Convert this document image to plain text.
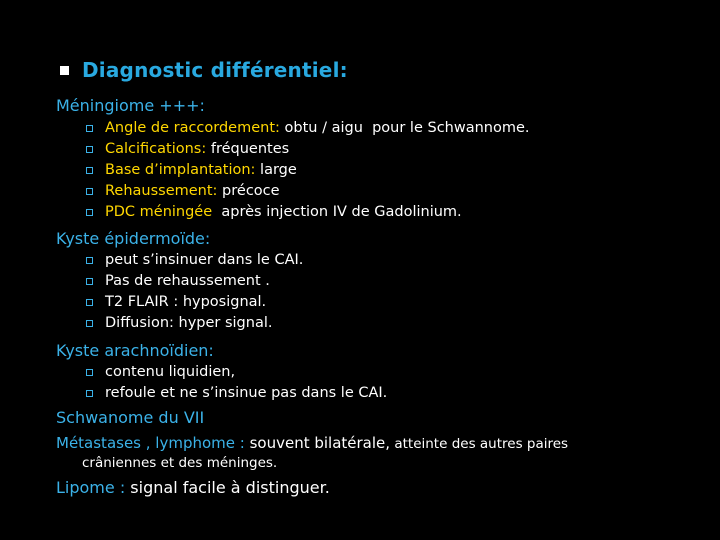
Diagnostic différentiel:
Méningiome +++:
Angle de raccordement: obtu / aigu  pour le Schwannome.
Calcifications: fréquentes
Base d’implantation: large
Rehaussement: précoce
PDC méningée après injection IV de Gadolinium.
Kyste épidermoïde:
peut s’insinuer dans le CAI.
Pas de rehaussement .
T2 FLAIR : hyposignal.
Diffusion: hyper signal.
Kyste arachnoïdien:
contenu liquidien,
refoule et ne s’insinue pas dans le CAI.
Schwanome du VII
Métastases , lymphome : souvent bilatérale, atteinte des autres paires
crâniennes et des méninges.
Lipome : signal facile à distinguer.
